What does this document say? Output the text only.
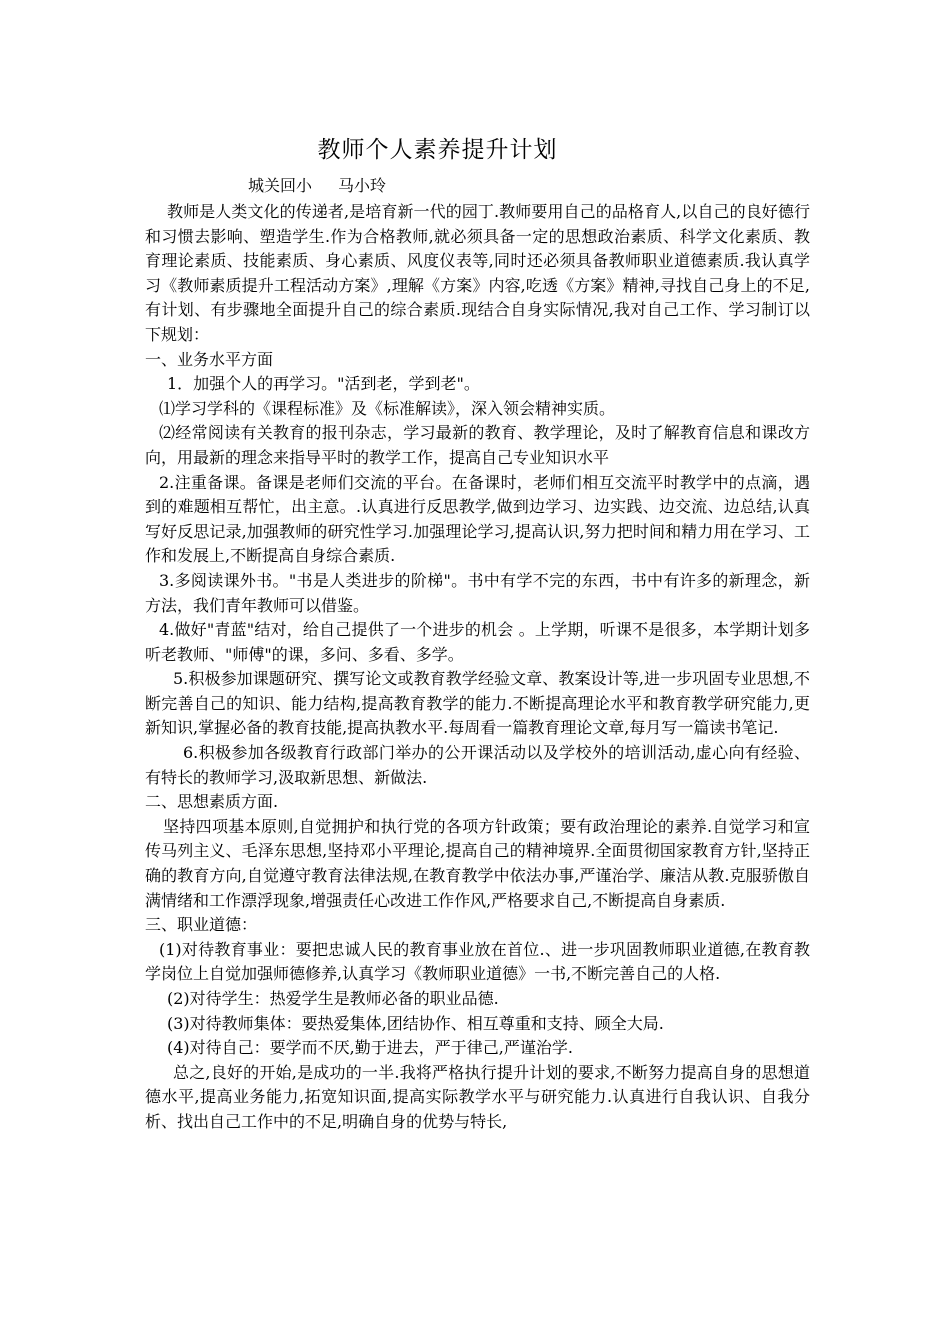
教师个人素养提升计划
城关回小 马小玲

教师是人类文化的传递者,是培育新一代的园丁.教师要用自己的品格育人,以自己的良好德行和习惯去影响、塑造学生.作为合格教师,就必须具备一定的思想政治素质、科学文化素质、教育理论素质、技能素质、身心素质、风度仪表等,同时还必须具备教师职业道德素质.我认真学习《教师素质提升工程活动方案》,理解《方案》内容,吃透《方案》精神,寻找自己身上的不足,有计划、有步骤地全面提升自己的综合素质.现结合自身实际情况,我对自己工作、学习制订以下规划：

一、业务水平方面

1．加强个人的再学习。"活到老，学到老"。

⑴学习学科的《课程标准》及《标准解读》，深入领会精神实质。

⑵经常阅读有关教育的报刊杂志，学习最新的教育、教学理论，及时了解教育信息和课改方向，用最新的理念来指导平时的教学工作，提高自己专业知识水平

2.注重备课。备课是老师们交流的平台。在备课时，老师们相互交流平时教学中的点滴，遇到的难题相互帮忙，出主意。.认真进行反思教学,做到边学习、边实践、边交流、边总结,认真写好反思记录,加强教师的研究性学习.加强理论学习,提高认识,努力把时间和精力用在学习、工作和发展上,不断提高自身综合素质.

3.多阅读课外书。"书是人类进步的阶梯"。书中有学不完的东西，书中有许多的新理念，新方法，我们青年教师可以借鉴。

4.做好"青蓝"结对，给自己提供了一个进步的机会 。上学期，听课不是很多，本学期计划多听老教师、"师傅"的课，多问、多看、多学。

5.积极参加课题研究、撰写论文或教育教学经验文章、教案设计等,进一步巩固专业思想,不断完善自己的知识、能力结构,提高教育教学的能力.不断提高理论水平和教育教学研究能力,更新知识,掌握必备的教育技能,提高执教水平.每周看一篇教育理论文章,每月写一篇读书笔记.

6.积极参加各级教育行政部门举办的公开课活动以及学校外的培训活动,虚心向有经验、有特长的教师学习,汲取新思想、新做法.

二、思想素质方面.

坚持四项基本原则,自觉拥护和执行党的各项方针政策；要有政治理论的素养.自觉学习和宣传马列主义、毛泽东思想,坚持邓小平理论,提高自己的精神境界.全面贯彻国家教育方针,坚持正确的教育方向,自觉遵守教育法律法规,在教育教学中依法办事,严谨治学、廉洁从教.克服骄傲自满情绪和工作漂浮现象,增强责任心改进工作作风,严格要求自己,不断提高自身素质.

三、职业道德：

(1)对待教育事业：要把忠诚人民的教育事业放在首位.、进一步巩固教师职业道德,在教育教学岗位上自觉加强师德修养,认真学习《教师职业道德》一书,不断完善自己的人格.

(2)对待学生：热爱学生是教师必备的职业品德.

(3)对待教师集体：要热爱集体,团结协作、相互尊重和支持、顾全大局.

(4)对待自己：要学而不厌,勤于进去，严于律己,严谨治学.

总之,良好的开始,是成功的一半.我将严格执行提升计划的要求,不断努力提高自身的思想道德水平,提高业务能力,拓宽知识面,提高实际教学水平与研究能力.认真进行自我认识、自我分析、找出自己工作中的不足,明确自身的优势与特长,
